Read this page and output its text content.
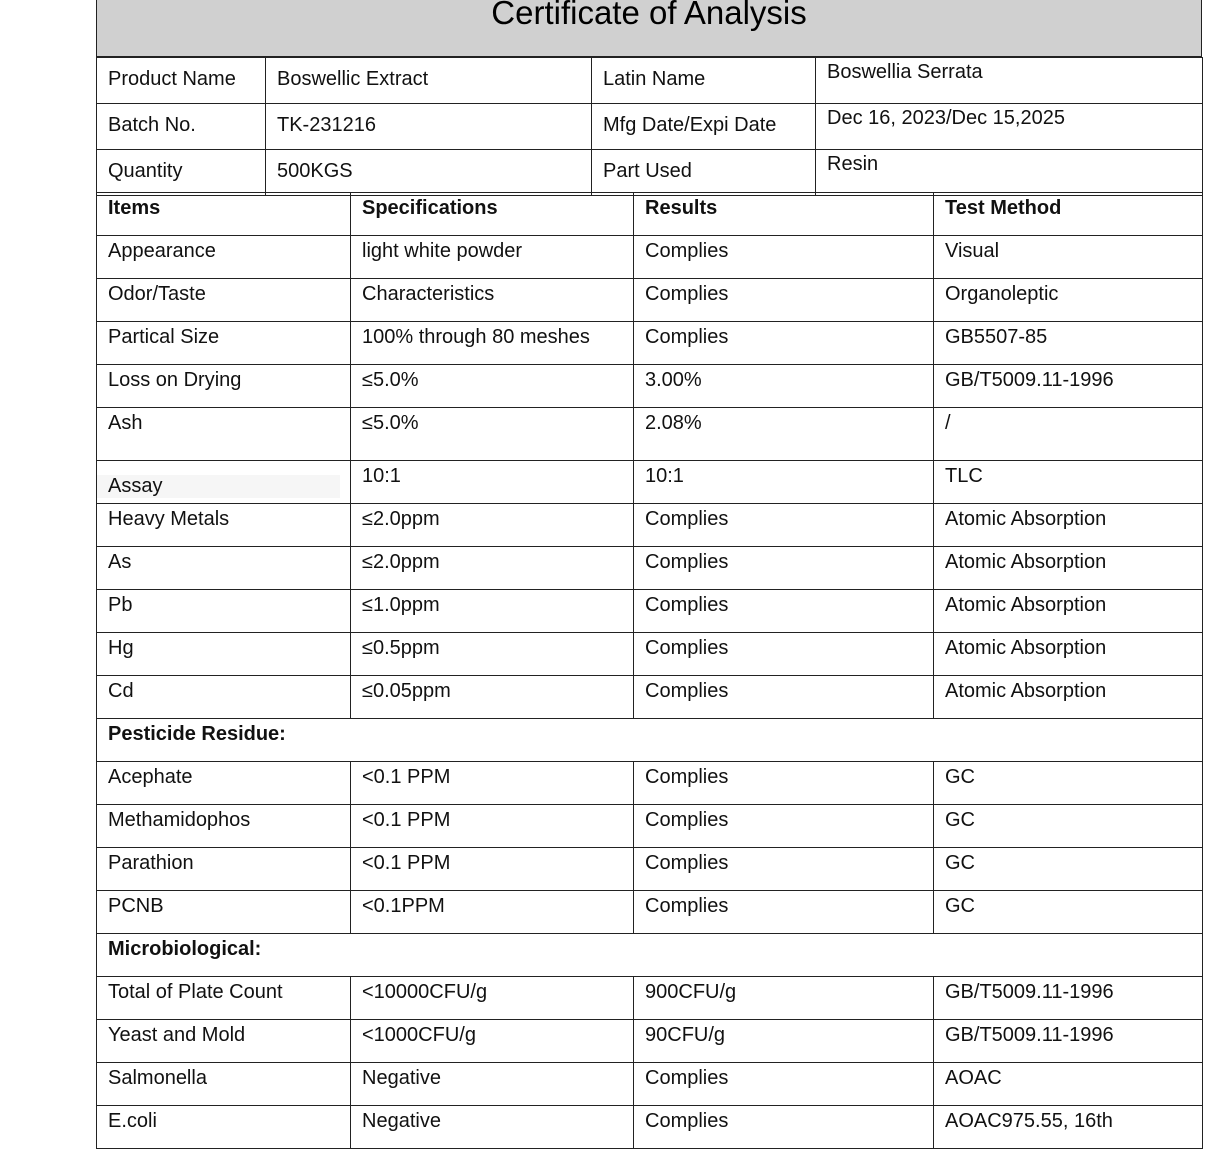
Certificate of Analysis
Product Name	Boswellic Extract	Latin Name	Boswellia Serrata
Batch No.	TK-231216	Mfg Date/Expi Date	Dec 16, 2023/Dec 15,2025
Quantity	500KGS	Part Used	Resin
Items	Specifications	Results	Test Method
Appearance	light white powder	Complies	Visual
Odor/Taste	Characteristics	Complies	Organoleptic
Partical Size	100% through 80 meshes	Complies	GB5507-85
Loss on Drying	≤5.0%	3.00%	GB/T5009.11-1996
Ash	≤5.0%	2.08%	/
Assay	10:1	10:1	TLC
Heavy Metals	≤2.0ppm	Complies	Atomic Absorption
As	≤2.0ppm	Complies	Atomic Absorption
Pb	≤1.0ppm	Complies	Atomic Absorption
Hg	≤0.5ppm	Complies	Atomic Absorption
Cd	≤0.05ppm	Complies	Atomic Absorption
Pesticide Residue:			
Acephate	<0.1 PPM	Complies	GC
Methamidophos	<0.1 PPM	Complies	GC
Parathion	<0.1 PPM	Complies	GC
PCNB	<0.1PPM	Complies	GC
Microbiological:			
Total of Plate Count	<10000CFU/g	900CFU/g	GB/T5009.11-1996
Yeast and Mold	<1000CFU/g	90CFU/g	GB/T5009.11-1996
Salmonella	Negative	Complies	AOAC
E.coli	Negative	Complies	AOAC975.55, 16th
